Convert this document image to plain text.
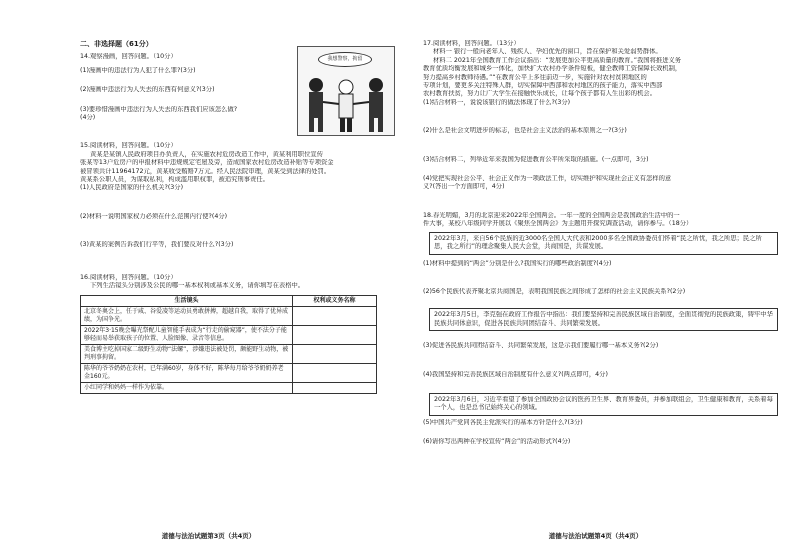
二、非选择题（61分）
14.观察漫画，回答问题。（10分）
(1)漫画中的违法行为人犯了什么罪?(3分)
(2)漫画中违法行为人失去的东西有何意义?(3分)
(3)要珍惜漫画中违法行为人失去的东西我们应该怎么做?
(4分)
15.阅读材料，回答问题。（10分）
黄某是某镇人民政府项目办负责人，在实施农村危房改造工作中，黄某利用职位宣传
张某等13户危房户的申报材料中违规规定宅屋及旁，造成国家农村危房改造补贴等专项资金
被冒领共计11964172元，黄某收受贿赂7万元。经人民法院审理，黄某受到法律的处罚。
黄某系公职人员，为谋取私利，构成滥用职权罪，被追究刑事责任。
(1)人民政府是国家的什么机关?(3分)
(2)材料一说明国家权力必须在什么范围内行使?(4分)
(3)黄某的案例告诉我们行平等，我们要反对什么?(3分)
16.阅读材料，回答问题。（10分）
下列生活镜头分别涉及公民的哪一基本权利或基本义务，请你填写在表格中。
生活镜头	权利或义务名称
北京冬奥会上，任于咸、谷爱凌等运动员勇敢拼搏，超越自我，取得了优异成绩，为国争光。	
2022年3·15晚会曝光祭配儿童智能手表成为“行走的偷窥器”，使不法分子能够轻而易举获取孩子的位置、人脸图像、录音等信息。	
美食博主吃掉国家二级野生动物“法螺”，涉嫌违法被处罚，颇能野生动物，被判刑事拘留。	
陈华的爷爷奶奶在农村，已年满60岁，身体不好，陈华每月给爷爷奶奶养老金160元。	
小红同学和妈妈一样作为依靠。	
道德与法治试题第3页（共4页）
我想警察，拘留
17.阅读材料，回答问题。（13分）
材料一 银行一般向老年人、残疾人、孕妇优先的窗口，旨在保护和关爱弱势群体。
材料二 2021年全国教育工作会议指出：“发展更加公平更高质量的教育。”我国将推进义务
教育优质均衡发展和城乡一体化，加快扩大农村办学条件短板，健全教师工资保障长效机制，
努力提高乡村教师待遇。”“在教育公平上多往前迈一步，实施针对农村贫困地区的
专项计划，要更多关注特殊人群，切实保障中西部和农村地区的孩子能力，落实中西部
农村教育扶贫，努力让广大学生在接触快乐成长，让每个孩子都有人生出彩的机会。
(1)结合材料一，说说该银行的做法体现了什么?(3分)
(2)什么是社会文明进步的标志，也是社会主义法治的基本原则之一?(3分)
(3)结合材料二，列举近年来我国为促进教育公平所采取的措施。(一点即可，3分)
(4)党把实现社会公平、社会正义作为一项政法工作，切实维护和实现社会正义有怎样的意
义?(答出一个方面即可，4分)
18.春光明媚，3月的北京迎来2022年全国两会。一年一度的全国两会是我国政治生活中的一
件大事，某校八年级同学开展以《聚焦全国两会》为主题用开探究调查活动，请你参与。（18分）
2022年3月，来自56个民族的近3000名全国人大代表和2000多名全国政协委员们怀着“民之所忧，我之所思；民之所思，我之所行”的理念聚集人民大会堂，共商国是，共谋发展。
(1)材料中提到的“两会”分别是什么?我国实行的哪些政治制度?(4分)
(2)56个民族代表齐聚北京共商国是，表明我国民族之间形成了怎样的社会主义民族关系?(2分)
2022年3月5日，李克强在政府工作报告中指出：我们要坚持和完善民族区域自治制度，全面贯彻党的民族政策，铸牢中华民族共同体意识，促进各民族共同团结奋斗、共同繁荣发展。
(3)促进各民族共同团结奋斗、共同繁荣发展，这是示我们要履行哪一基本义务?(2分)
(4)我国坚持和完善民族区域自治制度有什么意义?(两点即可，4分)
2022年3月6日，习近平看望了参加全国政协会议的医药卫生界、教育界委员，并参加联组会，卫生健康和教育，关系着每一个人，也是总书记始终关心的领域。
(5)中国共产党同各民主党派实行的基本方针是什么?(3分)
(6)请你写出两种在学校宣传“两会”的活动形式?(4分)
道德与法治试题第4页（共4页）
